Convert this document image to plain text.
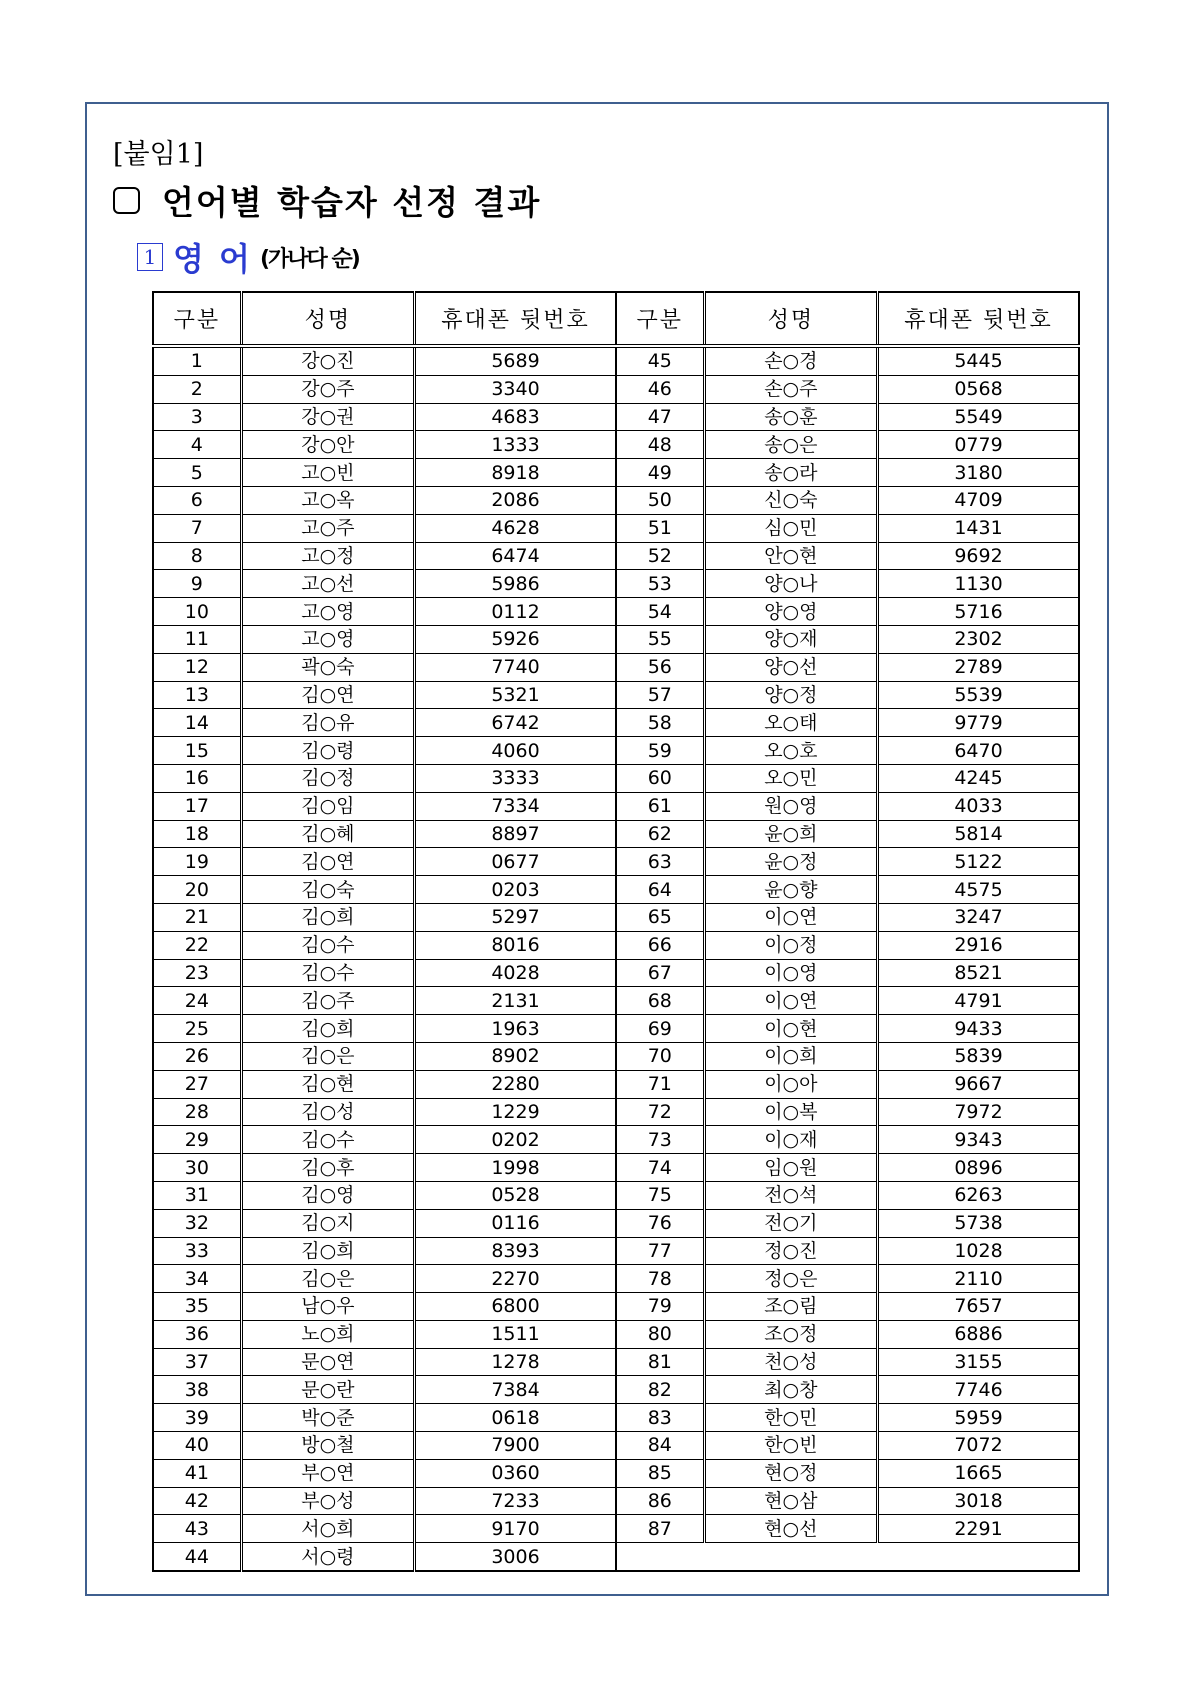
[붙임1]
언어별 학습자 선정 결과
1 영 어 (가나다 순)
구분	성명	휴대폰 뒷번호	구분	성명	휴대폰 뒷번호
1	강○진	5689	45	손○경	5445
2	강○주	3340	46	손○주	0568
3	강○권	4683	47	송○훈	5549
4	강○안	1333	48	송○은	0779
5	고○빈	8918	49	송○라	3180
6	고○옥	2086	50	신○숙	4709
7	고○주	4628	51	심○민	1431
8	고○정	6474	52	안○현	9692
9	고○선	5986	53	양○나	1130
10	고○영	0112	54	양○영	5716
11	고○영	5926	55	양○재	2302
12	곽○숙	7740	56	양○선	2789
13	김○연	5321	57	양○정	5539
14	김○유	6742	58	오○태	9779
15	김○령	4060	59	오○호	6470
16	김○정	3333	60	오○민	4245
17	김○임	7334	61	원○영	4033
18	김○혜	8897	62	윤○희	5814
19	김○연	0677	63	윤○정	5122
20	김○숙	0203	64	윤○향	4575
21	김○희	5297	65	이○연	3247
22	김○수	8016	66	이○정	2916
23	김○수	4028	67	이○영	8521
24	김○주	2131	68	이○연	4791
25	김○희	1963	69	이○현	9433
26	김○은	8902	70	이○희	5839
27	김○현	2280	71	이○아	9667
28	김○성	1229	72	이○복	7972
29	김○수	0202	73	이○재	9343
30	김○후	1998	74	임○원	0896
31	김○영	0528	75	전○석	6263
32	김○지	0116	76	전○기	5738
33	김○희	8393	77	정○진	1028
34	김○은	2270	78	정○은	2110
35	남○우	6800	79	조○림	7657
36	노○희	1511	80	조○정	6886
37	문○연	1278	81	천○성	3155
38	문○란	7384	82	최○창	7746
39	박○준	0618	83	한○민	5959
40	방○철	7900	84	한○빈	7072
41	부○연	0360	85	현○정	1665
42	부○성	7233	86	현○삼	3018
43	서○희	9170	87	현○선	2291
44	서○령	3006			
